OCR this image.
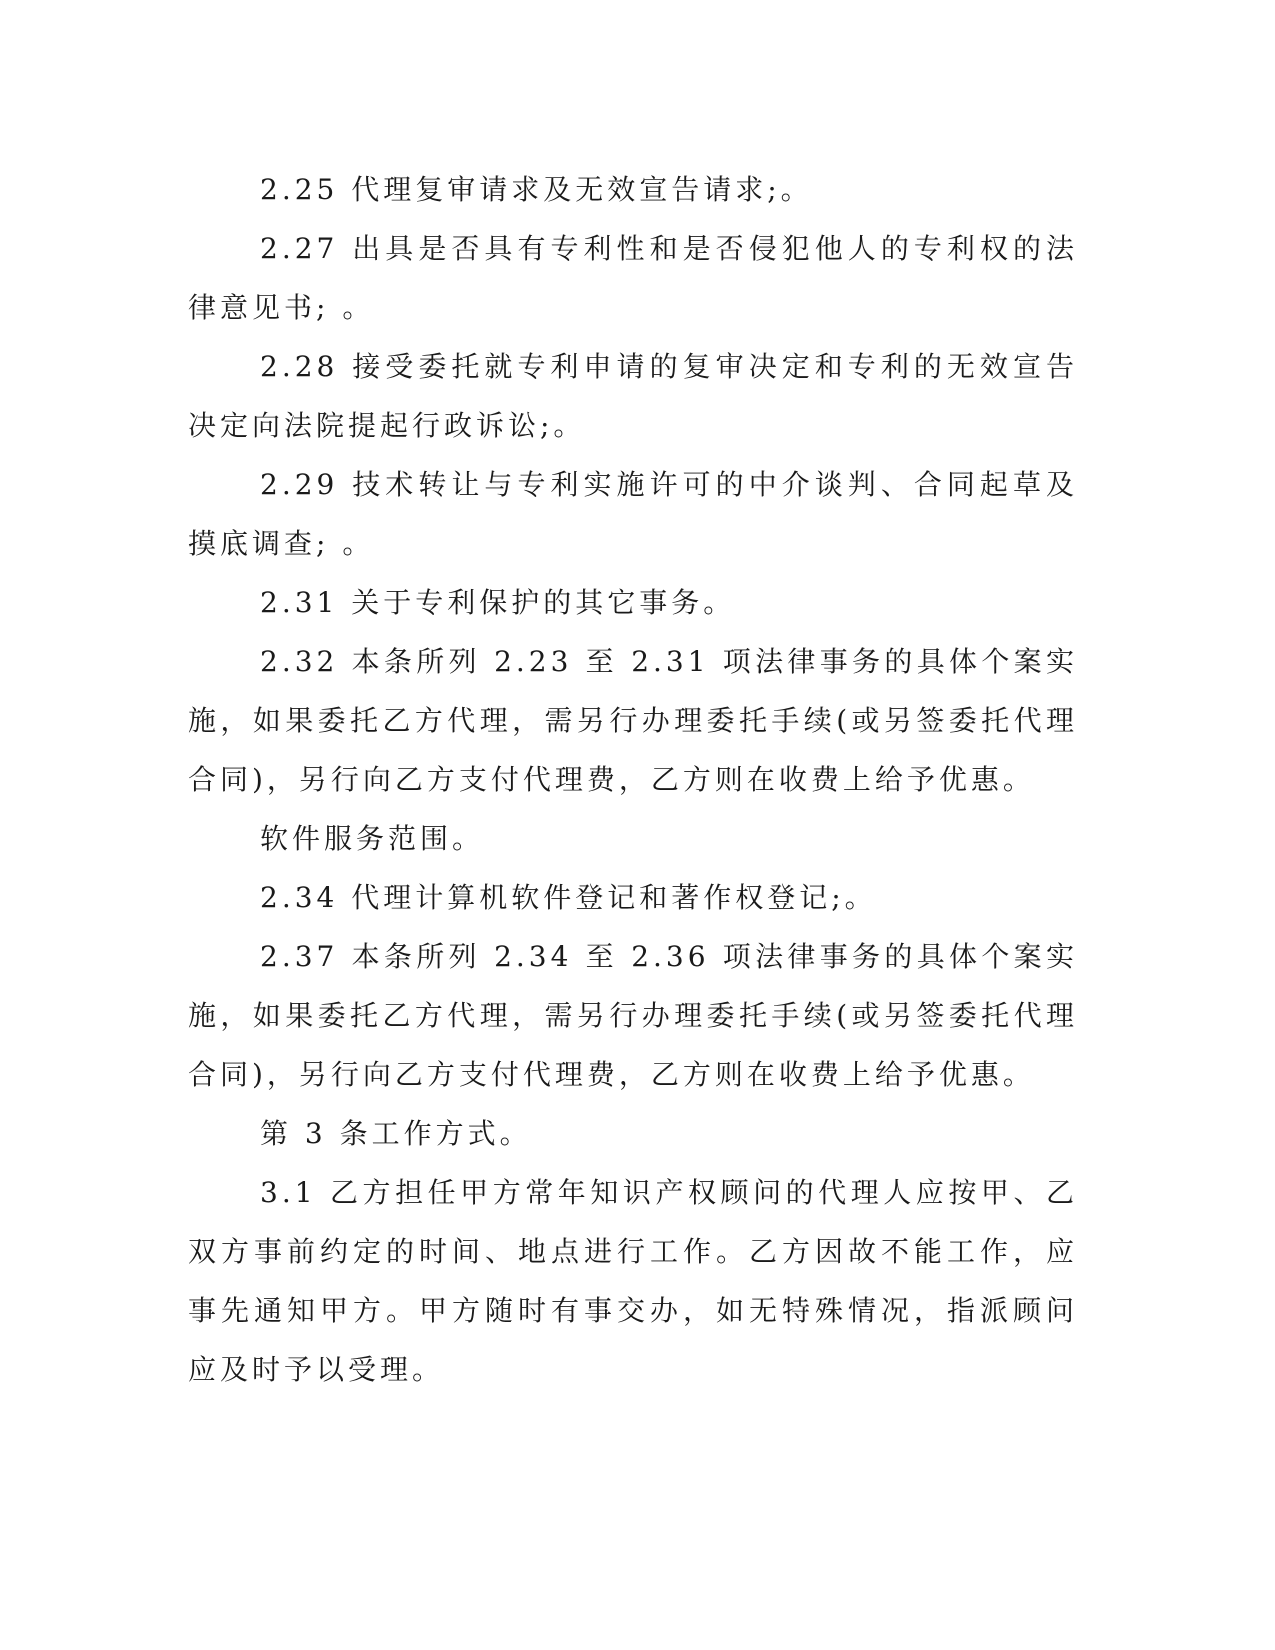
2.25 代理复审请求及无效宣告请求;。

2.27 出具是否具有专利性和是否侵犯他人的专利权的法律意见书; 。

2.28 接受委托就专利申请的复审决定和专利的无效宣告决定向法院提起行政诉讼;。

2.29 技术转让与专利实施许可的中介谈判、合同起草及摸底调查; 。

2.31 关于专利保护的其它事务。

2.32 本条所列 2.23 至 2.31 项法律事务的具体个案实施，如果委托乙方代理，需另行办理委托手续(或另签委托代理合同)，另行向乙方支付代理费，乙方则在收费上给予优惠。

软件服务范围。

2.34 代理计算机软件登记和著作权登记;。

2.37 本条所列 2.34 至 2.36 项法律事务的具体个案实施，如果委托乙方代理，需另行办理委托手续(或另签委托代理合同)，另行向乙方支付代理费，乙方则在收费上给予优惠。

第 3 条工作方式。

3.1 乙方担任甲方常年知识产权顾问的代理人应按甲、乙双方事前约定的时间、地点进行工作。乙方因故不能工作，应事先通知甲方。甲方随时有事交办，如无特殊情况，指派顾问应及时予以受理。
